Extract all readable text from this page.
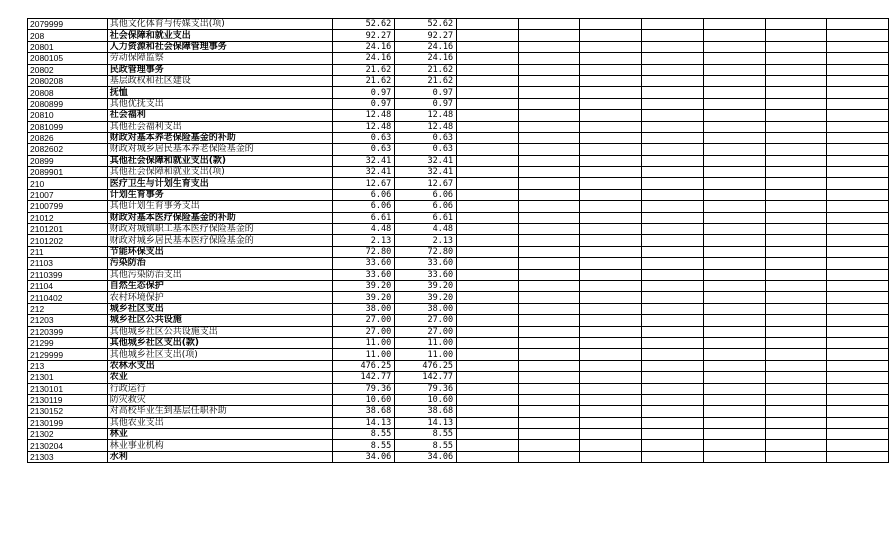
2079999	其他文化体育与传媒支出(项)	52.62	52.62							
208	社会保障和就业支出	92.27	92.27							
20801	人力资源和社会保障管理事务	24.16	24.16							
2080105	劳动保障监察	24.16	24.16							
20802	民政管理事务	21.62	21.62							
2080208	基层政权和社区建设	21.62	21.62							
20808	抚恤	0.97	0.97							
2080899	其他优抚支出	0.97	0.97							
20810	社会福利	12.48	12.48							
2081099	其他社会福利支出	12.48	12.48							
20826	财政对基本养老保险基金的补助	0.63	0.63							
2082602	财政对城乡居民基本养老保险基金的	0.63	0.63							
20899	其他社会保障和就业支出(款)	32.41	32.41							
2089901	其他社会保障和就业支出(项)	32.41	32.41							
210	医疗卫生与计划生育支出	12.67	12.67							
21007	计划生育事务	6.06	6.06							
2100799	其他计划生育事务支出	6.06	6.06							
21012	财政对基本医疗保险基金的补助	6.61	6.61							
2101201	财政对城镇职工基本医疗保险基金的	4.48	4.48							
2101202	财政对城乡居民基本医疗保险基金的	2.13	2.13							
211	节能环保支出	72.80	72.80							
21103	污染防治	33.60	33.60							
2110399	其他污染防治支出	33.60	33.60							
21104	自然生态保护	39.20	39.20							
2110402	农村环境保护	39.20	39.20							
212	城乡社区支出	38.00	38.00							
21203	城乡社区公共设施	27.00	27.00							
2120399	其他城乡社区公共设施支出	27.00	27.00							
21299	其他城乡社区支出(款)	11.00	11.00							
2129999	其他城乡社区支出(项)	11.00	11.00							
213	农林水支出	476.25	476.25							
21301	农业	142.77	142.77							
2130101	行政运行	79.36	79.36							
2130119	防灾救灾	10.60	10.60							
2130152	对高校毕业生到基层任职补助	38.68	38.68							
2130199	其他农业支出	14.13	14.13							
21302	林业	8.55	8.55							
2130204	林业事业机构	8.55	8.55							
21303	水利	34.06	34.06							
